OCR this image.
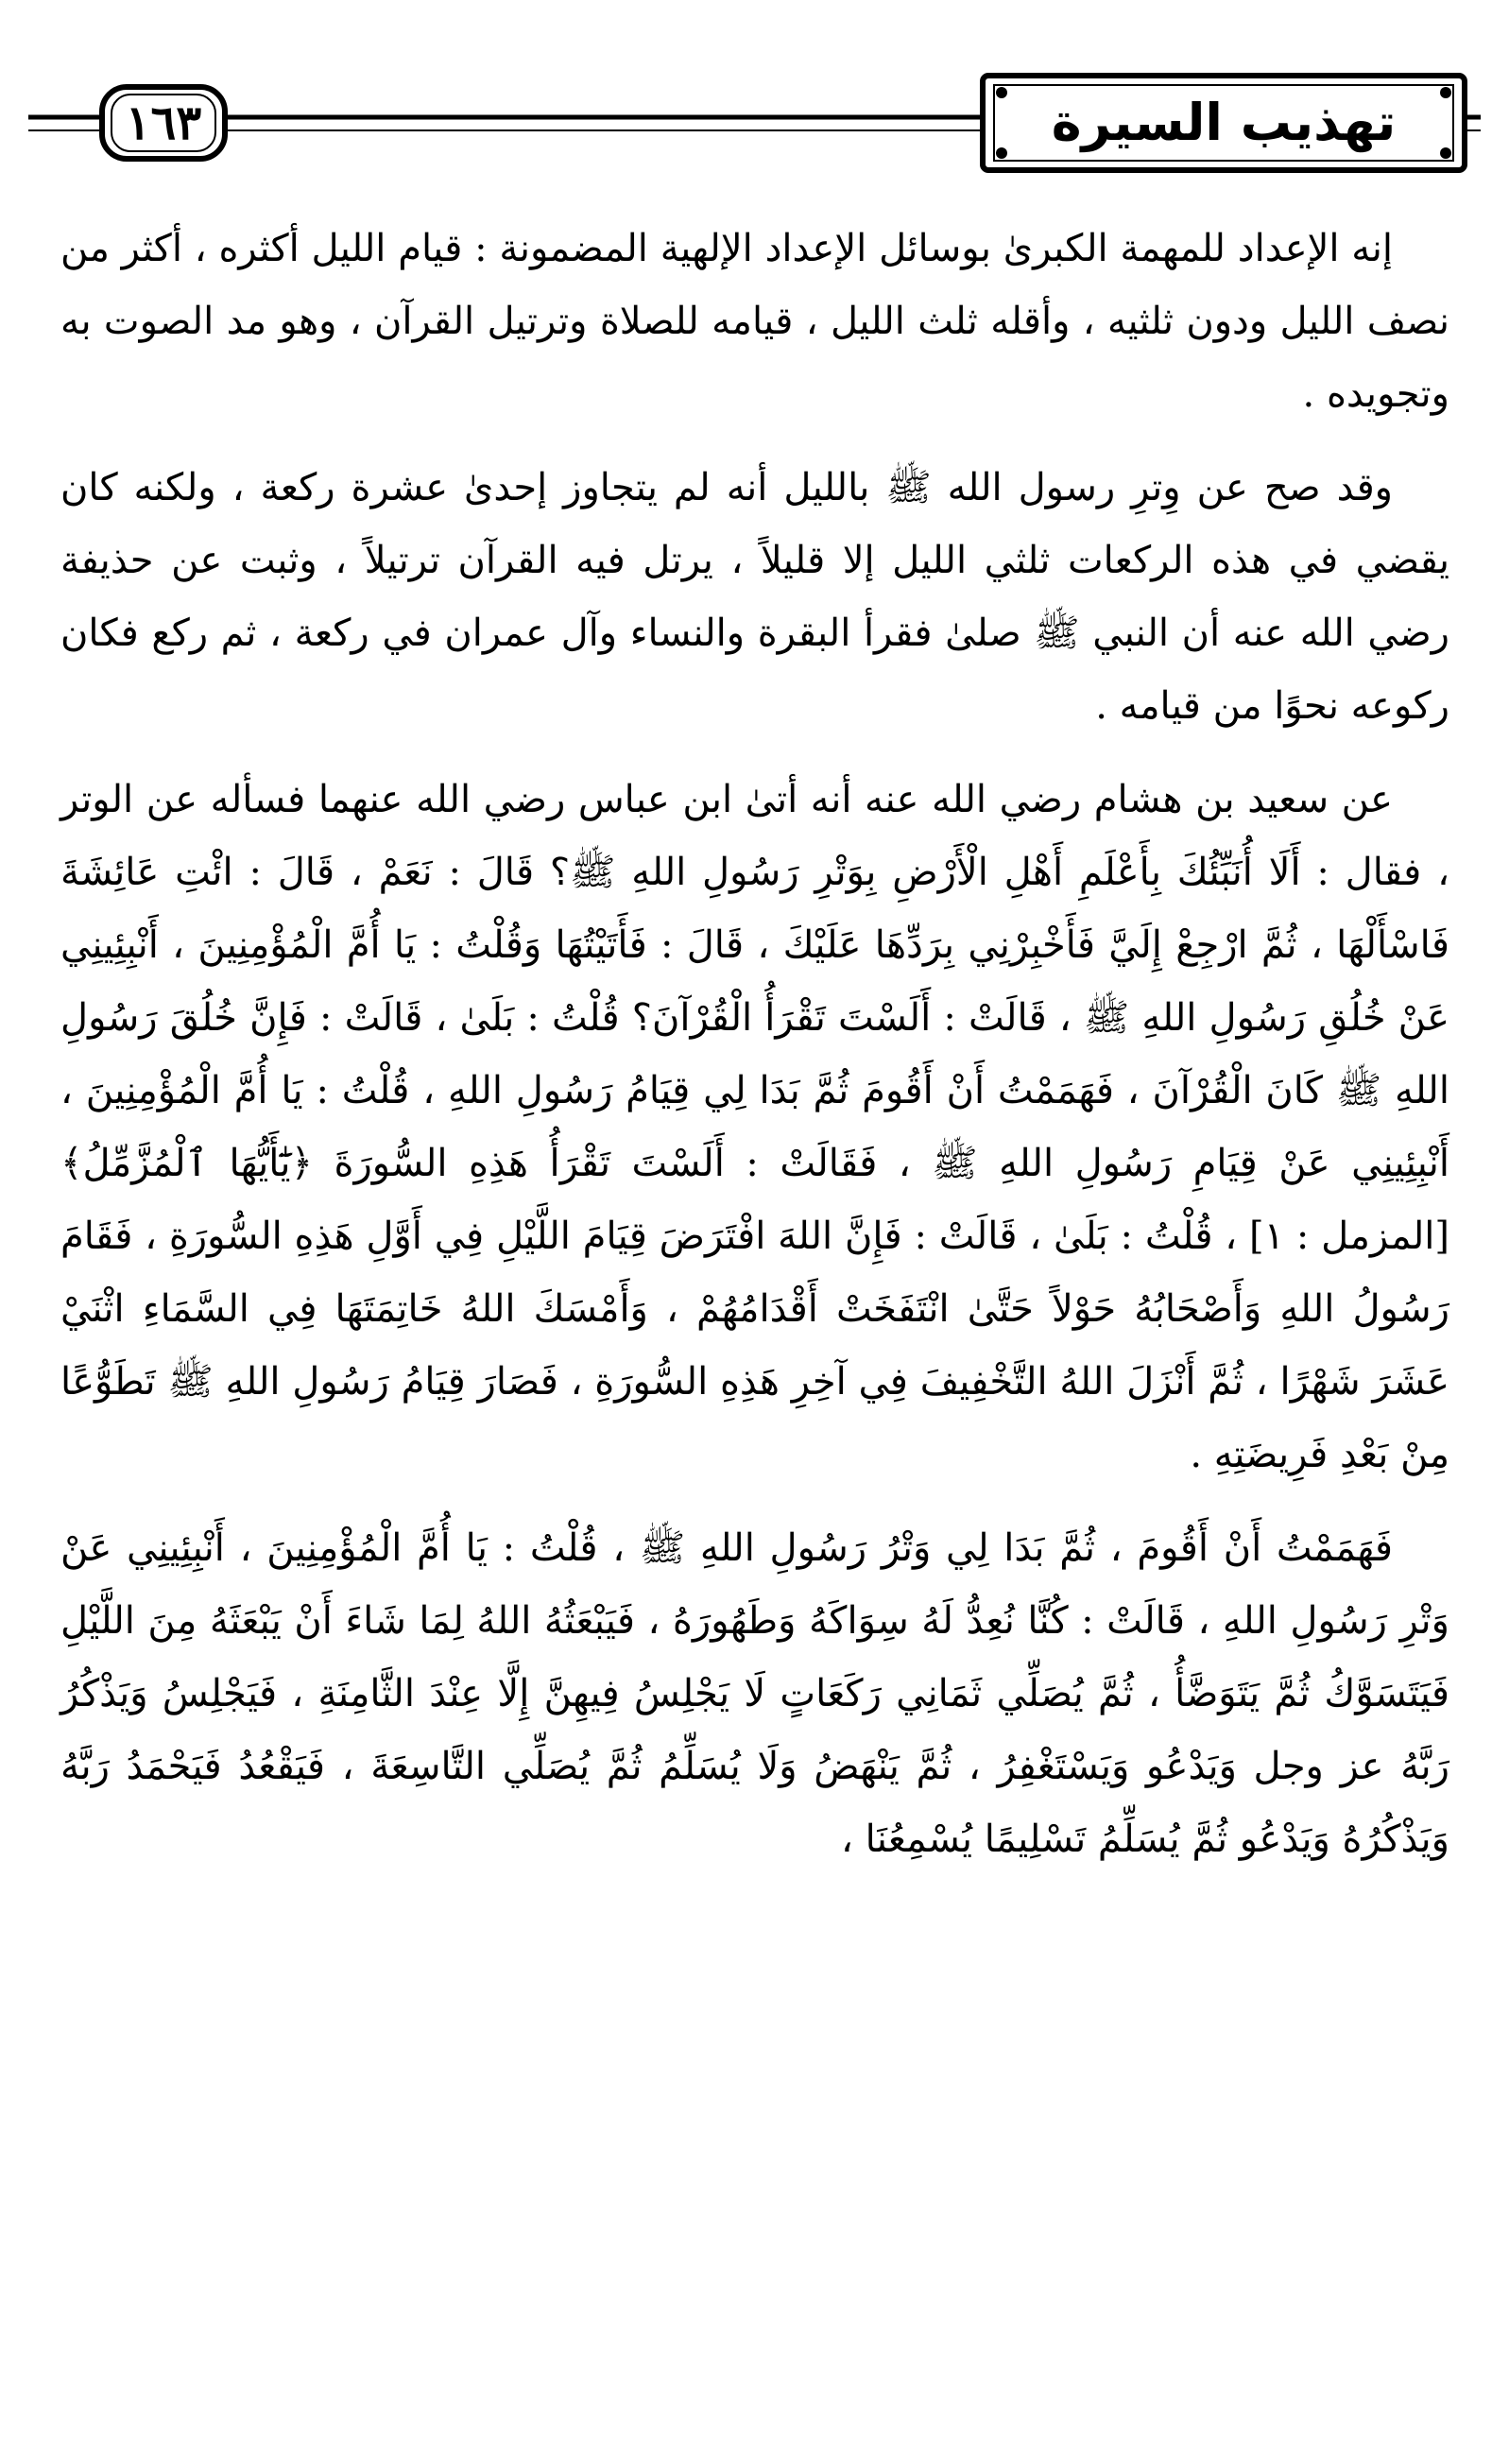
١٦٣	تهذيب السيرة

إنه الإعداد للمهمة الكبرىٰ بوسائل الإعداد الإلهية المضمونة : قيام الليل أكثره ، أكثر من نصف الليل ودون ثلثيه ، وأقله ثلث الليل ، قيامه للصلاة وترتيل القرآن ، وهو مد الصوت به وتجويده .

وقد صح عن وِترِ رسول الله ﷺ بالليل أنه لم يتجاوز إحدىٰ عشرة ركعة ، ولكنه كان يقضي في هذه الركعات ثلثي الليل إلا قليلاً ، يرتل فيه القرآن ترتيلاً ، وثبت عن حذيفة رضي الله عنه أن النبي ﷺ صلىٰ فقرأ البقرة والنساء وآل عمران في ركعة ، ثم ركع فكان ركوعه نحوًا من قيامه .

عن سعيد بن هشام رضي الله عنه أنه أتىٰ ابن عباس رضي الله عنهما فسأله عن الوتر ، فقال : أَلَا أُنَبِّئُكَ بِأَعْلَمِ أَهْلِ الْأَرْضِ بِوَتْرِ رَسُولِ اللهِ ﷺ؟ قَالَ : نَعَمْ ، قَالَ : ائْتِ عَائِشَةَ فَاسْأَلْهَا ، ثُمَّ ارْجِعْ إِلَيَّ فَأَخْبِرْنِي بِرَدِّهَا عَلَيْكَ ، قَالَ : فَأَتَيْتُهَا وَقُلْتُ : يَا أُمَّ الْمُؤْمِنِينَ ، أَنْبِئِينِي عَنْ خُلُقِ رَسُولِ اللهِ ﷺ ، قَالَتْ : أَلَسْتَ تَقْرَأُ الْقُرْآنَ؟ قُلْتُ : بَلَىٰ ، قَالَتْ : فَإِنَّ خُلُقَ رَسُولِ اللهِ ﷺ كَانَ الْقُرْآنَ ، فَهَمَمْتُ أَنْ أَقُومَ ثُمَّ بَدَا لِي قِيَامُ رَسُولِ اللهِ ، قُلْتُ : يَا أُمَّ الْمُؤْمِنِينَ ، أَنْبِئِينِي عَنْ قِيَامِ رَسُولِ اللهِ ﷺ ، فَقَالَتْ : أَلَسْتَ تَقْرَأُ هَذِهِ السُّورَةَ ﴿يَٰٓأَيُّهَا ٱلْمُزَّمِّلُ﴾ [المزمل : ١] ، قُلْتُ : بَلَىٰ ، قَالَتْ : فَإِنَّ اللهَ افْتَرَضَ قِيَامَ اللَّيْلِ فِي أَوَّلِ هَذِهِ السُّورَةِ ، فَقَامَ رَسُولُ اللهِ وَأَصْحَابُهُ حَوْلاً حَتَّىٰ انْتَفَخَتْ أَقْدَامُهُمْ ، وَأَمْسَكَ اللهُ خَاتِمَتَهَا فِي السَّمَاءِ اثْنَيْ عَشَرَ شَهْرًا ، ثُمَّ أَنْزَلَ اللهُ التَّخْفِيفَ فِي آخِرِ هَذِهِ السُّورَةِ ، فَصَارَ قِيَامُ رَسُولِ اللهِ ﷺ تَطَوُّعًا مِنْ بَعْدِ فَرِيضَتِهِ .

فَهَمَمْتُ أَنْ أَقُومَ ، ثُمَّ بَدَا لِي وَتْرُ رَسُولِ اللهِ ﷺ ، قُلْتُ : يَا أُمَّ الْمُؤْمِنِينَ ، أَنْبِئِينِي عَنْ وَتْرِ رَسُولِ اللهِ ، قَالَتْ : كُنَّا نُعِدُّ لَهُ سِوَاكَهُ وَطَهُورَهُ ، فَيَبْعَثُهُ اللهُ لِمَا شَاءَ أَنْ يَبْعَثَهُ مِنَ اللَّيْلِ فَيَتَسَوَّكُ ثُمَّ يَتَوَضَّأُ ، ثُمَّ يُصَلِّي ثَمَانِي رَكَعَاتٍ لَا يَجْلِسُ فِيهِنَّ إِلَّا عِنْدَ الثَّامِنَةِ ، فَيَجْلِسُ وَيَذْكُرُ رَبَّهُ عز وجل وَيَدْعُو وَيَسْتَغْفِرُ ، ثُمَّ يَنْهَضُ وَلَا يُسَلِّمُ ثُمَّ يُصَلِّي التَّاسِعَةَ ، فَيَقْعُدُ فَيَحْمَدُ رَبَّهُ وَيَذْكُرُهُ وَيَدْعُو ثُمَّ يُسَلِّمُ تَسْلِيمًا يُسْمِعُنَا ،
